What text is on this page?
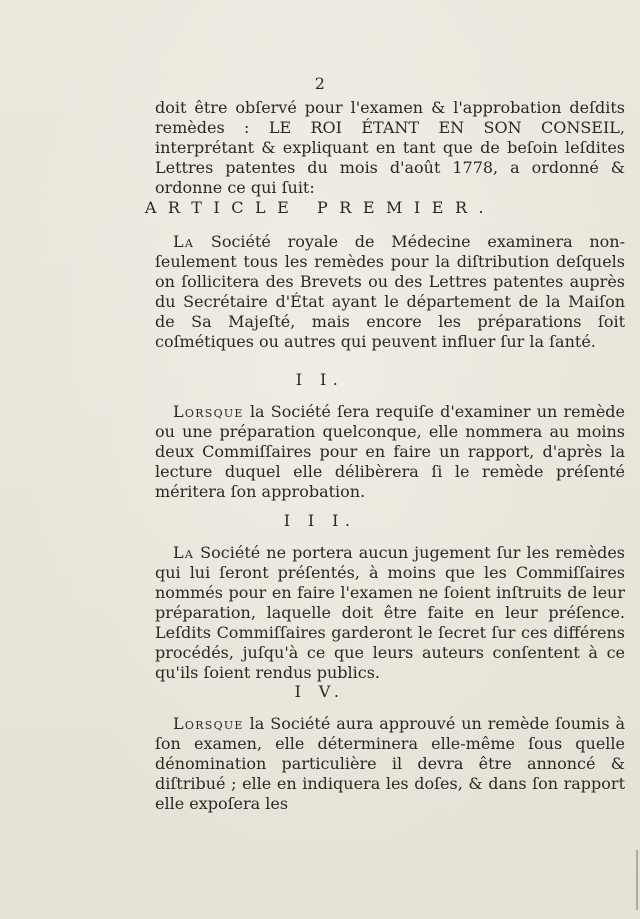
2
doit être obſervé pour l'examen & l'approbation deſdits remèdes : LE ROI ÉTANT EN SON CONSEIL, interprétant & expliquant en tant que de beſoin leſdites Lettres patentes du mois d'août 1778, a ordonné & ordonne ce qui ſuit:
ARTICLE PREMIER.
La Société royale de Médecine examinera non-ſeulement tous les remèdes pour la diſtribution deſquels on ſollicitera des Brevets ou des Lettres patentes auprès du Secrétaire d'État ayant le département de la Maiſon de Sa Majeſté, mais encore les préparations ſoit coſmétiques ou autres qui peuvent influer ſur la ſanté.
I I.
Lorsque la Société ſera requiſe d'examiner un remède ou une préparation quelconque, elle nommera au moins deux Commiſſaires pour en faire un rapport, d'après la lecture duquel elle délibèrera ſi le remède préſenté méritera ſon approbation.
I I I.
La Société ne portera aucun jugement ſur les remèdes qui lui ſeront préſentés, à moins que les Commiſſaires nommés pour en faire l'examen ne ſoient inſtruits de leur préparation, laquelle doit être faite en leur préſence. Leſdits Commiſſaires garderont le ſecret ſur ces différens procédés, juſqu'à ce que leurs auteurs conſentent à ce qu'ils ſoient rendus publics.
I V.
Lorsque la Société aura approuvé un remède ſoumis à ſon examen, elle déterminera elle-même ſous quelle dénomination particulière il devra être annoncé & diſtribué ; elle en indiquera les doſes, & dans ſon rapport elle expoſera les
